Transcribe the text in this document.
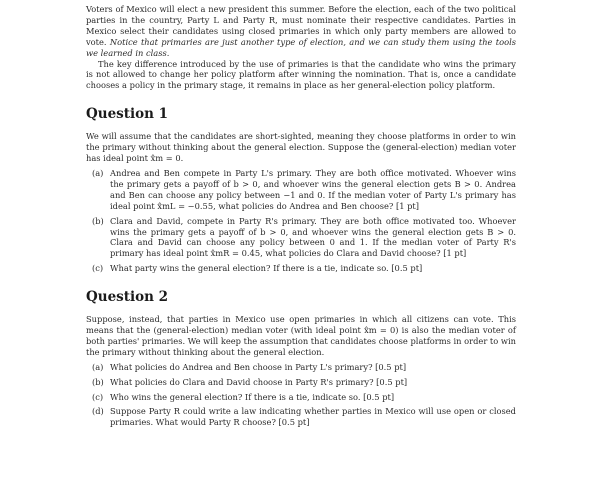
Voters of Mexico will elect a new president this summer. Before the election, each of the two political parties in the country, Party L and Party R, must nominate their respective candidates. Parties in Mexico select their candidates using closed primaries in which only party members are allowed to vote. Notice that primaries are just another type of election, and we can study them using the tools we learned in class.

The key difference introduced by the use of primaries is that the candidate who wins the primary is not allowed to change her policy platform after winning the nomination. That is, once a candidate chooses a policy in the primary stage, it remains in place as her general-election policy platform.

Question 1

We will assume that the candidates are short-sighted, meaning they choose platforms in order to win the primary without thinking about the general election. Suppose the (general-election) median voter has ideal point x̂m = 0.

(a) Andrea and Ben compete in Party L's primary. They are both office motivated. Whoever wins the primary gets a payoff of b > 0, and whoever wins the general election gets B > 0. Andrea and Ben can choose any policy between −1 and 0. If the median voter of Party L's primary has ideal point x̂mL = −0.55, what policies do Andrea and Ben choose? [1 pt]
(b) Clara and David, compete in Party R's primary. They are both office motivated too. Whoever wins the primary gets a payoff of b > 0, and whoever wins the general election gets B > 0. Clara and David can choose any policy between 0 and 1. If the median voter of Party R's primary has ideal point x̂mR = 0.45, what policies do Clara and David choose? [1 pt]
(c) What party wins the general election? If there is a tie, indicate so. [0.5 pt]
Question 2

Suppose, instead, that parties in Mexico use open primaries in which all citizens can vote. This means that the (general-election) median voter (with ideal point x̂m = 0) is also the median voter of both parties' primaries. We will keep the assumption that candidates choose platforms in order to win the primary without thinking about the general election.

(a) What policies do Andrea and Ben choose in Party L's primary? [0.5 pt]
(b) What policies do Clara and David choose in Party R's primary? [0.5 pt]
(c) Who wins the general election? If there is a tie, indicate so. [0.5 pt]
(d) Suppose Party R could write a law indicating whether parties in Mexico will use open or closed primaries. What would Party R choose? [0.5 pt]
